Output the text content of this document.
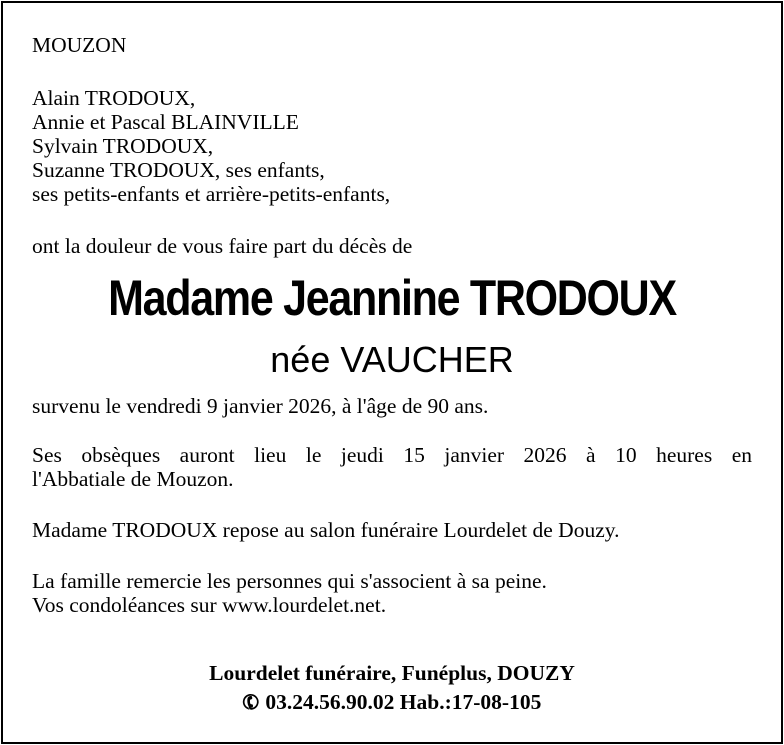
MOUZON
Alain TRODOUX,
Annie et Pascal BLAINVILLE
Sylvain TRODOUX,
Suzanne TRODOUX, ses enfants,
ses petits-enfants et arrière-petits-enfants,
ont la douleur de vous faire part du décès de
Madame Jeannine TRODOUX
née VAUCHER
survenu le vendredi 9 janvier 2026, à l'âge de 90 ans.
Ses obsèques auront lieu le jeudi 15 janvier 2026 à 10 heures en
l'Abbatiale de Mouzon.
Madame TRODOUX repose au salon funéraire Lourdelet de Douzy.
La famille remercie les personnes qui s'associent à sa peine.
Vos condoléances sur www.lourdelet.net.
Lourdelet funéraire, Funéplus, DOUZY
✆03.24.56.90.02 Hab.:17-08-105
